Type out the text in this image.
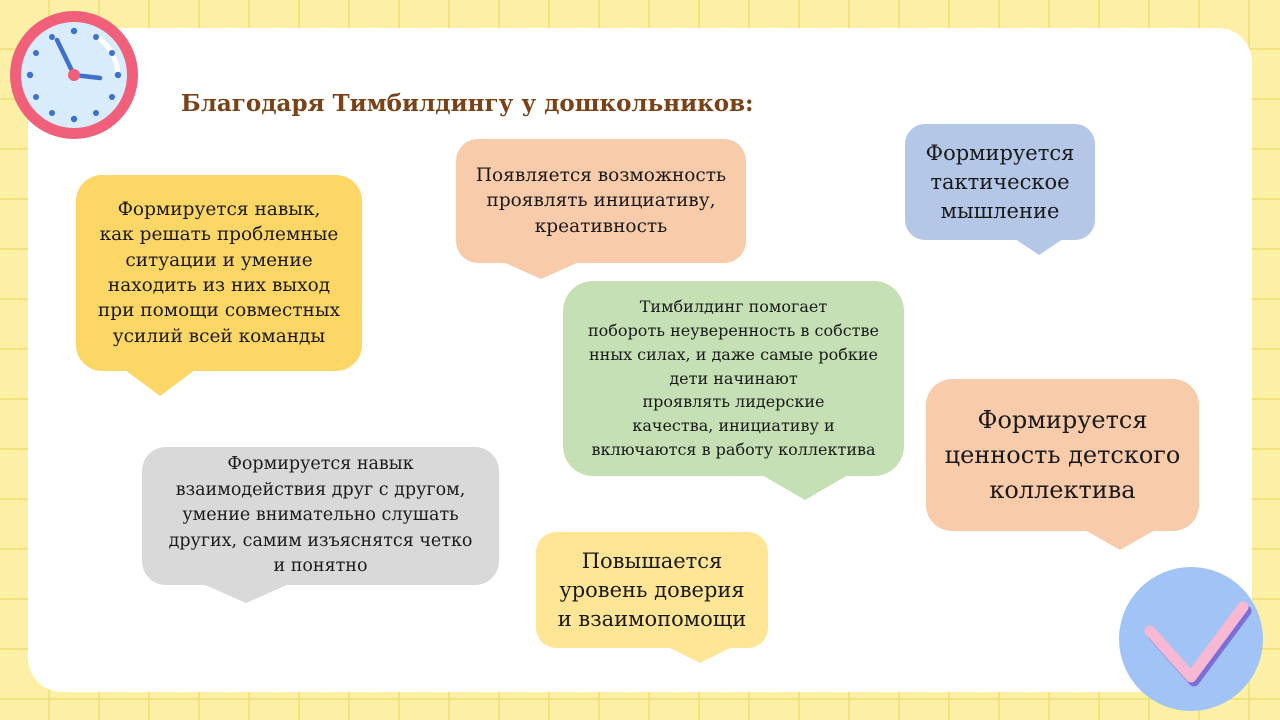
Благодаря Тимбилдингу у дошкольников:
Формируется навык,
как решать проблемные
ситуации и умение
находить из них выход
при помощи совместных
усилий всей команды
Появляется возможность
проявлять инициативу,
креативность
Формируется
тактическое
мышление
Тимбилдинг помогает
побороть неуверенность в собстве
нных силах, и даже самые робкие
дети начинают
проявлять лидерские
качества, инициативу и
включаются в работу коллектива
Формируется
ценность детского
коллектива
Формируется навык
взаимодействия друг с другом,
умение внимательно слушать
других, самим изъяснятся четко
и понятно	Повышается
уровень доверия
и взаимопомощи
